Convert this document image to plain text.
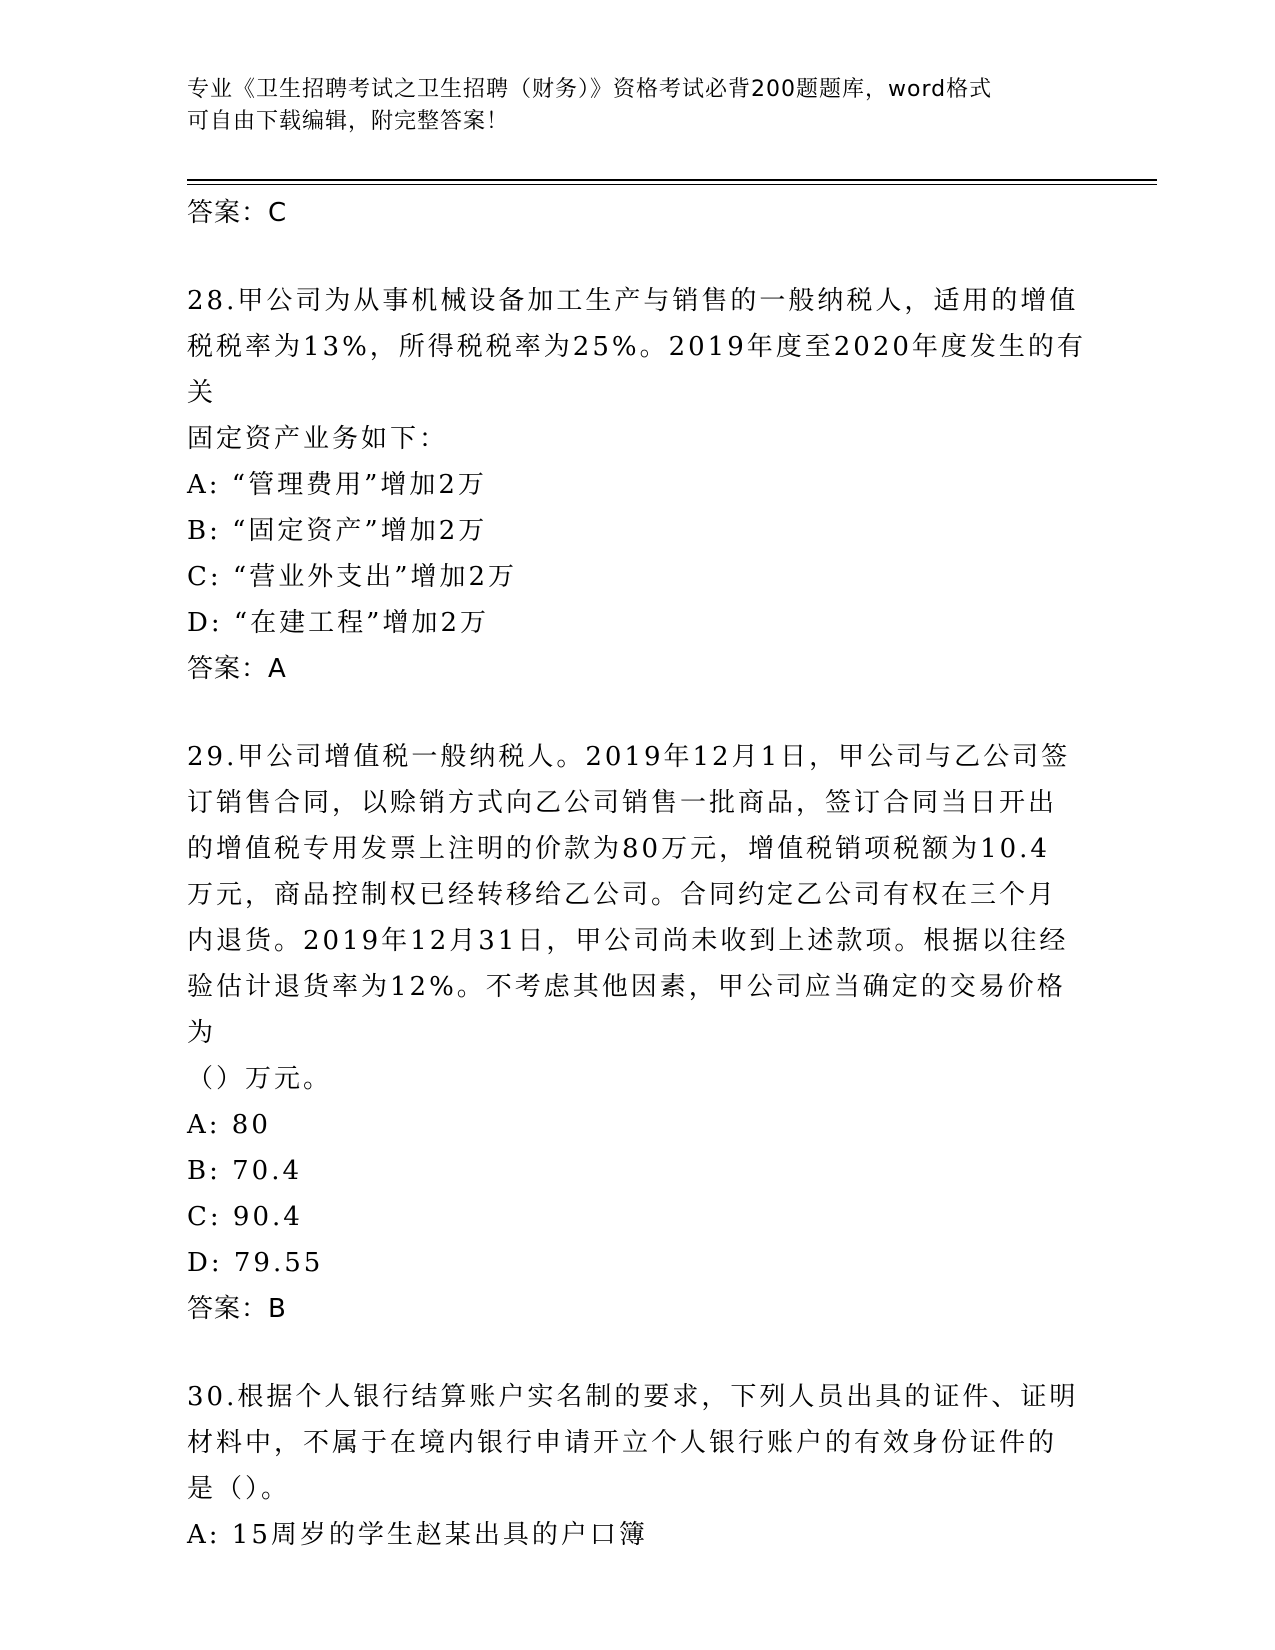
专业《卫生招聘考试之卫生招聘（财务）》资格考试必背200题题库，word格式
可自由下载编辑，附完整答案！
答案：C
28.甲公司为从事机械设备加工生产与销售的一般纳税人，适用的增值
税税率为13%，所得税税率为25%。2019年度至2020年度发生的有关
固定资产业务如下：
A: “管理费用”增加2万
B: “固定资产”增加2万
C: “营业外支出”增加2万
D: “在建工程”增加2万
答案：A
29.甲公司增值税一般纳税人。2019年12月1日，甲公司与乙公司签
订销售合同，以赊销方式向乙公司销售一批商品，签订合同当日开出
的增值税专用发票上注明的价款为80万元，增值税销项税额为10.4
万元，商品控制权已经转移给乙公司。合同约定乙公司有权在三个月
内退货。2019年12月31日，甲公司尚未收到上述款项。根据以往经
验估计退货率为12%。不考虑其他因素，甲公司应当确定的交易价格为
（）万元。
A: 80
B: 70.4
C: 90.4
D: 79.55
答案：B
30.根据个人银行结算账户实名制的要求，下列人员出具的证件、证明
材料中，不属于在境内银行申请开立个人银行账户的有效身份证件的
是（）。
A: 15周岁的学生赵某出具的户口簿
